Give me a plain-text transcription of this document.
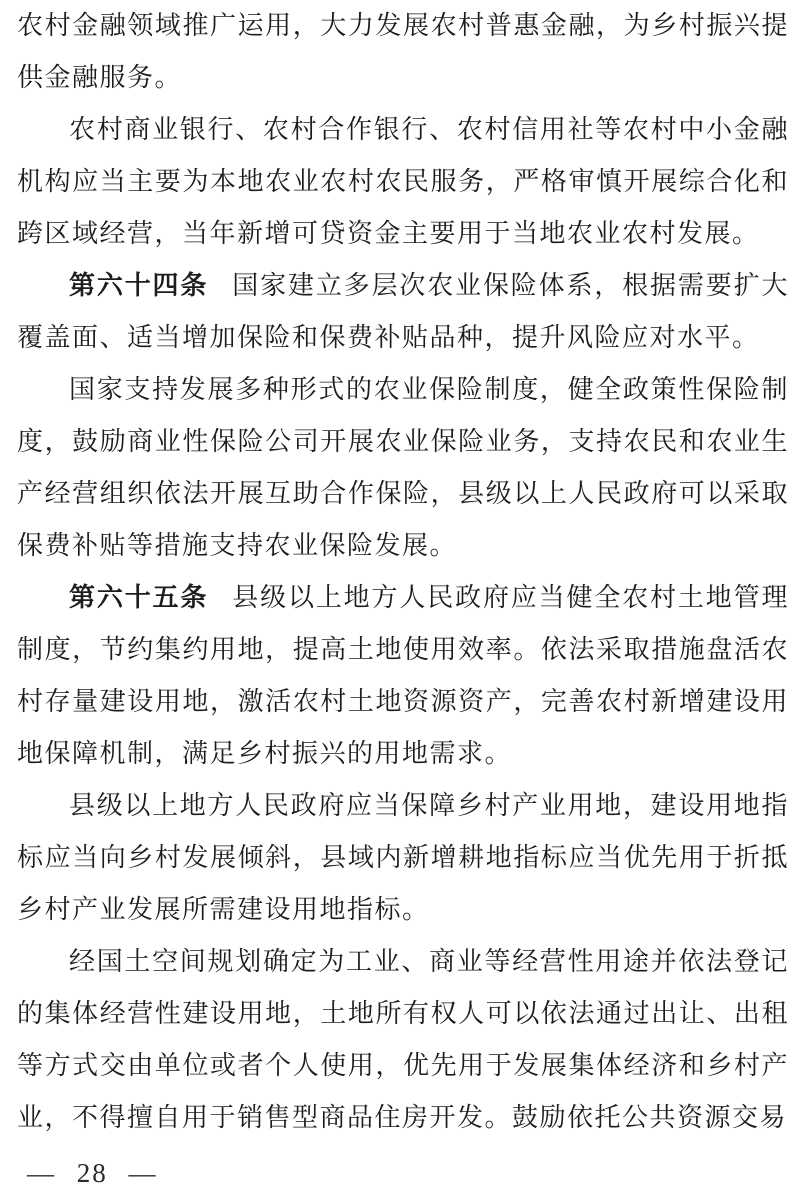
农村金融领域推广运用，大力发展农村普惠金融，为乡村振兴提供金融服务。

农村商业银行、农村合作银行、农村信用社等农村中小金融机构应当主要为本地农业农村农民服务，严格审慎开展综合化和跨区域经营，当年新增可贷资金主要用于当地农业农村发展。

第六十四条 国家建立多层次农业保险体系，根据需要扩大覆盖面、适当增加保险和保费补贴品种，提升风险应对水平。

国家支持发展多种形式的农业保险制度，健全政策性保险制度，鼓励商业性保险公司开展农业保险业务，支持农民和农业生产经营组织依法开展互助合作保险，县级以上人民政府可以采取保费补贴等措施支持农业保险发展。

第六十五条 县级以上地方人民政府应当健全农村土地管理制度，节约集约用地，提高土地使用效率。依法采取措施盘活农村存量建设用地，激活农村土地资源资产，完善农村新增建设用地保障机制，满足乡村振兴的用地需求。

县级以上地方人民政府应当保障乡村产业用地，建设用地指标应当向乡村发展倾斜，县域内新增耕地指标应当优先用于折抵乡村产业发展所需建设用地指标。

经国土空间规划确定为工业、商业等经营性用途并依法登记的集体经营性建设用地，土地所有权人可以依法通过出让、出租等方式交由单位或者个人使用，优先用于发展集体经济和乡村产业，不得擅自用于销售型商品住房开发。鼓励依托公共资源交易

— 28 —
